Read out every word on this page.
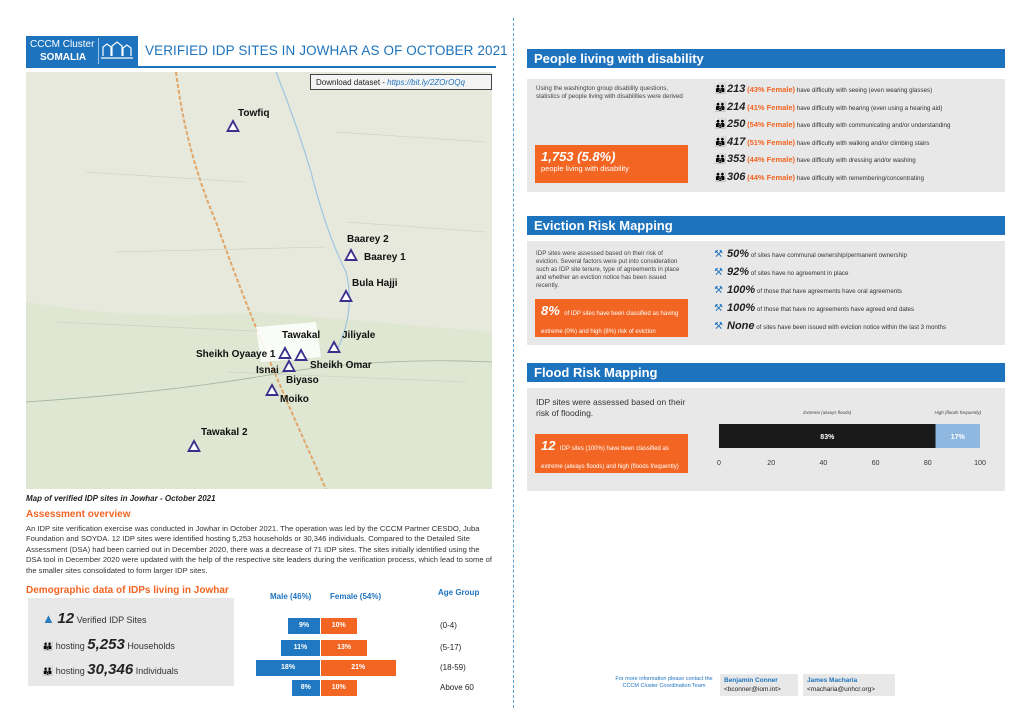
CCCM Cluster
SOMALIA	VERIFIED IDP SITES IN JOWHAR AS OF OCTOBER 2021
Towfiq
Baarey 2
Baarey 1
Bula Hajji
Jiliyale
Tawakal
Sheikh Oyaaye 1
Sheikh Omar
Isnai
Biyaso
Moiko
Tawakal 2
Download dataset - https://bit.ly/2ZOrOQq
Map of verified IDP sites in Jowhar - October 2021
Assessment overview
An IDP site verification exercise was conducted in Jowhar in October 2021. The operation was led by the CCCM Partner CESDO, Juba Foundation and SOYDA. 12 IDP sites were identified hosting 5,253 households or 30,346 individuals. Compared to the Detailed Site Assessment (DSA) had been carried out in December 2020, there was a decrease of 71 IDP sites. The sites initially identified using the DSA tool in December 2020 were updated with the help of the respective site leaders during the verification process, which lead to some of the smaller sites consolidated to form larger IDP sites.
Demographic data of IDPs living in Jowhar
▲ 12 Verified IDP Sites
👪 hosting 5,253 Households
👪 hosting 30,346 Individuals
Male (46%) Female (54%)	Age Group
9%	10%	(0-4)
11%	13%	(5-17)
18%	21%	(18-59)
8%	10%	Above 60
People living with disability
Using the washington group disability questions, statistics of people living with disabilities were derived
1,753 (5.8%)
people living with disability
👪213 (43% Female) have difficulty with seeing (even wearing glasses)
👪214 (41% Female) have difficulty with hearing (even using a hearing aid)
👪250 (54% Female) have difficulty with communicating and/or understanding
👪417 (51% Female) have difficulty with walking and/or climbing stairs
👪353 (44% Female) have difficulty with dressing and/or washing
👪306 (44% Female) have difficulty with remembering/concentrating
Eviction Risk Mapping
IDP sites were assessed based on their risk of eviction. Several factors were put into consideration such as IDP site tenure, type of agreements in place and whether an eviction notice has been issued recently.
8% of IDP sites have been classified as having extreme (0%) and high (8%) risk of eviction
⚒ 50% of sites have communal ownership/permanent ownership
⚒ 92% of sites have no agreement in place
⚒ 100% of those that have agreements have oral agreements
⚒ 100% of those that have no agreements have agreed end dates
⚒ None of sites have been issued with eviction notice within the last 3 months
Flood Risk Mapping
IDP sites were assessed based on their risk of flooding.
12 IDP sites (100%) have been classified as extreme (always floods) and high (floods frequently)
83%	17%
Extreme (always floods)	High (floods frequently)
0	20	40	60	80	100
For more information please contact the CCCM Cluster Coordination Team
Benjamin Conner
<bconner@iom.int>
James Macharia
<macharia@unhcr.org>
